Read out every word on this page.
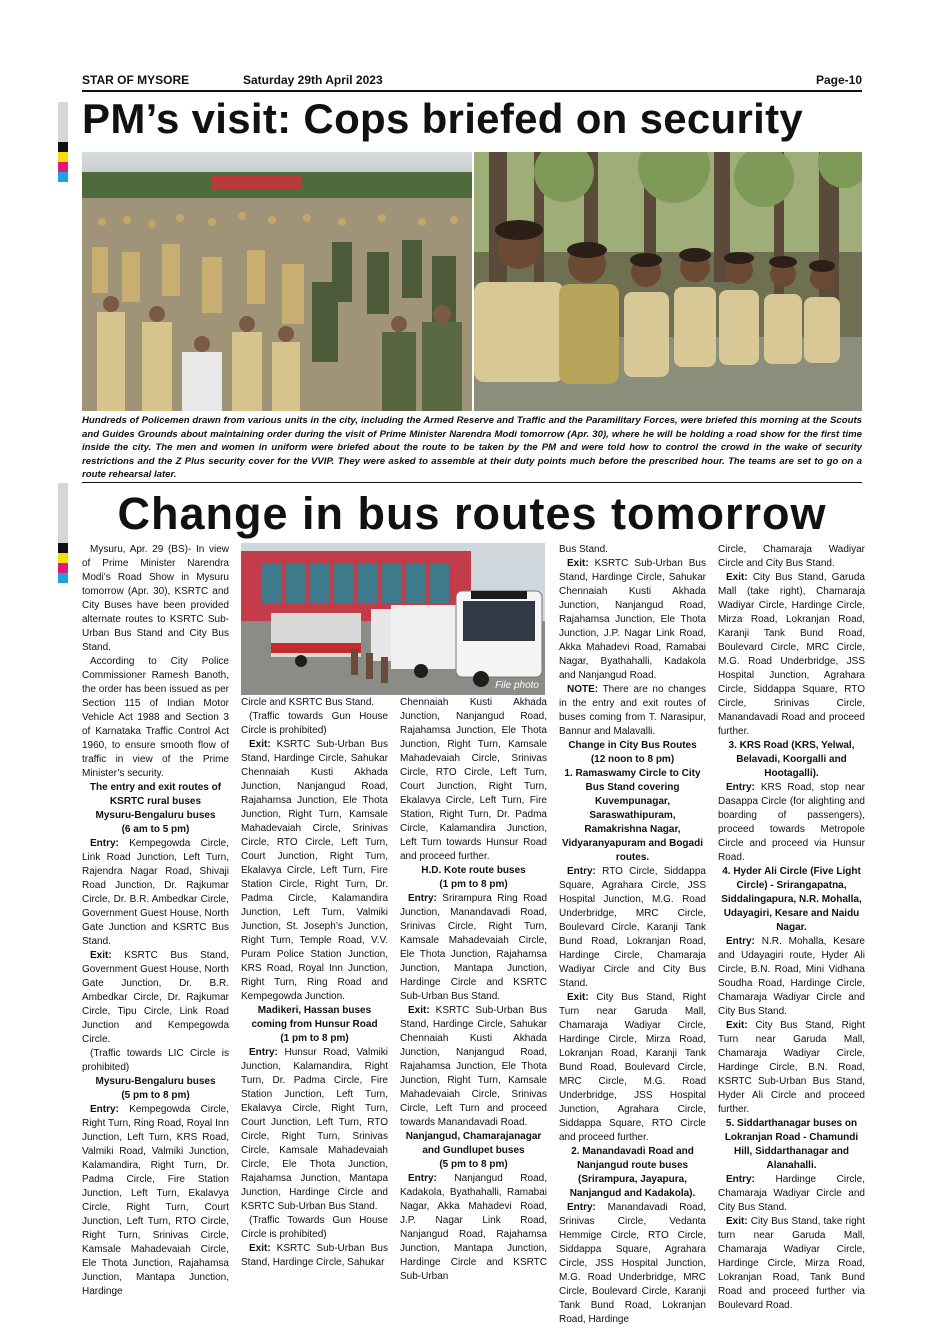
STAR OF MYSORE	Saturday 29th April 2023	Page-10
PM’s visit: Cops briefed on security

Hundreds of Policemen drawn from various units in the city, including the Armed Reserve and Traffic and the Paramilitary Forces, were briefed this morning at the Scouts and Guides Grounds about maintaining order during the visit of Prime Minister Narendra Modi tomorrow (Apr. 30), where he will be holding a road show for the first time inside the city. The men and women in uniform were briefed about the route to be taken by the PM and were told how to control the crowd in the wake of security restrictions and the Z Plus security cover for the VVIP. They were asked to assemble at their duty points much before the prescribed hour. The teams are set to go on a route rehearsal later.

Change in bus routes tomorrow

Mysuru, Apr. 29 (BS)- In view of Prime Minister Narendra Modi’s Road Show in Mysuru tomorrow (Apr. 30), KSRTC and City Buses have been provided alternate routes to KSRTC Sub-Urban Bus Stand and City Bus Stand.

According to City Police Commissioner Ramesh Banoth, the order has been issued as per Section 115 of Indian Motor Vehicle Act 1988 and Section 3 of Karnataka Traffic Control Act 1960, to ensure smooth flow of traffic in view of the Prime Minister’s security.

The entry and exit routes of KSRTC rural buses

Mysuru-Bengaluru buses

(6 am to 5 pm)

Entry: Kempegowda Circle, Link Road Junction, Left Turn, Rajendra Nagar Road, Shivaji Road Junction, Dr. Rajkumar Circle, Dr. B.R. Ambedkar Circle, Government Guest House, North Gate Junction and KSRTC Bus Stand.

Exit: KSRTC Bus Stand, Government Guest House, North Gate Junction, Dr. B.R. Ambedkar Circle, Dr. Rajkumar Circle, Tipu Circle, Link Road Junction and Kempegowda Circle.

(Traffic towards LIC Circle is prohibited)

Mysuru-Bengaluru buses

(5 pm to 8 pm)

Entry: Kempegowda Circle, Right Turn, Ring Road, Royal Inn Junction, Left Turn, KRS Road, Valmiki Road, Valmiki Junction, Kalamandira, Right Turn, Dr. Padma Circle, Fire Station Junction, Left Turn, Ekalavya Circle, Right Turn, Court Junction, Left Turn, RTO Circle, Right Turn, Srinivas Circle, Kamsale Mahadevaiah Circle, Ele Thota Junction, Rajahamsa Junction, Mantapa Junction, Hardinge

File photo

Circle and KSRTC Bus Stand.

(Traffic towards Gun House Circle is prohibited)

Exit: KSRTC Sub-Urban Bus Stand, Hardinge Circle, Sahukar Chennaiah Kusti Akhada Junction, Nanjangud Road, Rajahamsa Junction, Ele Thota Junction, Right Turn, Kamsale Mahadevaiah Circle, Srinivas Circle, RTO Circle, Left Turn, Court Junction, Right Turn, Ekalavya Circle, Left Turn, Fire Station Circle, Right Turn, Dr. Padma Circle, Kalamandira Junction, Left Turn, Valmiki Junction, St. Joseph’s Junction, Right Turn, Temple Road, V.V. Puram Police Station Junction, KRS Road, Royal Inn Junction, Right Turn, Ring Road and Kempegowda Junction.

Madikeri, Hassan buses coming from Hunsur Road

(1 pm to 8 pm)

Entry: Hunsur Road, Valmiki Junction, Kalamandira, Right Turn, Dr. Padma Circle, Fire Station Junction, Left Turn, Ekalavya Circle, Right Turn, Court Junction, Left Turn, RTO Circle, Right Turn, Srinivas Circle, Kamsale Mahadevaiah Circle, Ele Thota Junction, Rajahamsa Junction, Mantapa Junction, Hardinge Circle and KSRTC Sub-Urban Bus Stand.

(Traffic Towards Gun House Circle is prohibited)

Exit: KSRTC Sub-Urban Bus Stand, Hardinge Circle, Sahukar

Chennaiah Kusti Akhada Junction, Nanjangud Road, Rajahamsa Junction, Ele Thota Junction, Right Turn, Kamsale Mahadevaiah Circle, Srinivas Circle, RTO Circle, Left Turn, Court Junction, Right Turn, Ekalavya Circle, Left Turn, Fire Station, Right Turn, Dr. Padma Circle, Kalamandira Junction, Left Turn towards Hunsur Road and proceed further.

H.D. Kote route buses

(1 pm to 8 pm)

Entry: Srirampura Ring Road Junction, Manandavadi Road, Srinivas Circle, Right Turn, Kamsale Mahadevaiah Circle, Ele Thota Junction, Rajahamsa Junction, Mantapa Junction, Hardinge Circle and KSRTC Sub-Urban Bus Stand.

Exit: KSRTC Sub-Urban Bus Stand, Hardinge Circle, Sahukar Chennaiah Kusti Akhada Junction, Nanjangud Road, Rajahamsa Junction, Ele Thota Junction, Right Turn, Kamsale Mahadevaiah Circle, Srinivas Circle, Left Turn and proceed towards Manandavadi Road.

Nanjangud, Chamarajanagar and Gundlupet buses

(5 pm to 8 pm)

Entry: Nanjangud Road, Kadakola, Byathahalli, Ramabai Nagar, Akka Mahadevi Road, J.P. Nagar Link Road, Nanjangud Road, Rajahamsa Junction, Mantapa Junction, Hardinge Circle and KSRTC Sub-Urban

Bus Stand.

Exit: KSRTC Sub-Urban Bus Stand, Hardinge Circle, Sahukar Chennaiah Kusti Akhada Junction, Nanjangud Road, Rajahamsa Junction, Ele Thota Junction, J.P. Nagar Link Road, Akka Mahadevi Road, Ramabai Nagar, Byathahalli, Kadakola and Nanjangud Road.

NOTE: There are no changes in the entry and exit routes of buses coming from T. Narasipur, Bannur and Malavalli.

Change in City Bus Routes

(12 noon to 8 pm)

1. Ramaswamy Circle to City Bus Stand covering Kuvempunagar, Saraswathipuram, Ramakrishna Nagar, Vidyaranyapuram and Bogadi routes.

Entry: RTO Circle, Siddappa Square, Agrahara Circle, JSS Hospital Junction, M.G. Road Underbridge, MRC Circle, Boulevard Circle, Karanji Tank Bund Road, Lokranjan Road, Hardinge Circle, Chamaraja Wadiyar Circle and City Bus Stand.

Exit: City Bus Stand, Right Turn near Garuda Mall, Chamaraja Wadiyar Circle, Hardinge Circle, Mirza Road, Lokranjan Road, Karanji Tank Bund Road, Boulevard Circle, MRC Circle, M.G. Road Underbridge, JSS Hospital Junction, Agrahara Circle, Siddappa Square, RTO Circle and proceed further.

2. Manandavadi Road and Nanjangud route buses (Srirampura, Jayapura, Nanjangud and Kadakola).

Entry: Manandavadi Road, Srinivas Circle, Vedanta Hemmige Circle, RTO Circle, Siddappa Square, Agrahara Circle, JSS Hospital Junction, M.G. Road Underbridge, MRC Circle, Boulevard Circle, Karanji Tank Bund Road, Lokranjan Road, Hardinge

Circle, Chamaraja Wadiyar Circle and City Bus Stand.

Exit: City Bus Stand, Garuda Mall (take right), Chamaraja Wadiyar Circle, Hardinge Circle, Mirza Road, Lokranjan Road, Karanji Tank Bund Road, Boulevard Circle, MRC Circle, M.G. Road Underbridge, JSS Hospital Junction, Agrahara Circle, Siddappa Square, RTO Circle, Srinivas Circle, Manandavadi Road and proceed further.

3. KRS Road (KRS, Yelwal, Belavadi, Koorgalli and Hootagalli).

Entry: KRS Road, stop near Dasappa Circle (for alighting and boarding of passengers), proceed towards Metropole Circle and proceed via Hunsur Road.

4. Hyder Ali Circle (Five Light Circle) - Srirangapatna, Siddalingapura, N.R. Mohalla, Udayagiri, Kesare and Naidu Nagar.

Entry: N.R. Mohalla, Kesare and Udayagiri route, Hyder Ali Circle, B.N. Road, Mini Vidhana Soudha Road, Hardinge Circle, Chamaraja Wadiyar Circle and City Bus Stand.

Exit: City Bus Stand, Right Turn near Garuda Mall, Chamaraja Wadiyar Circle, Hardinge Circle, B.N. Road, KSRTC Sub-Urban Bus Stand, Hyder Ali Circle and proceed further.

5. Siddarthanagar buses on Lokranjan Road - Chamundi Hill, Siddarthanagar and Alanahalli.

Entry: Hardinge Circle, Chamaraja Wadiyar Circle and City Bus Stand.

Exit: City Bus Stand, take right turn near Garuda Mall, Chamaraja Wadiyar Circle, Hardinge Circle, Mirza Road, Lokranjan Road, Tank Bund Road and proceed further via Boulevard Road.
